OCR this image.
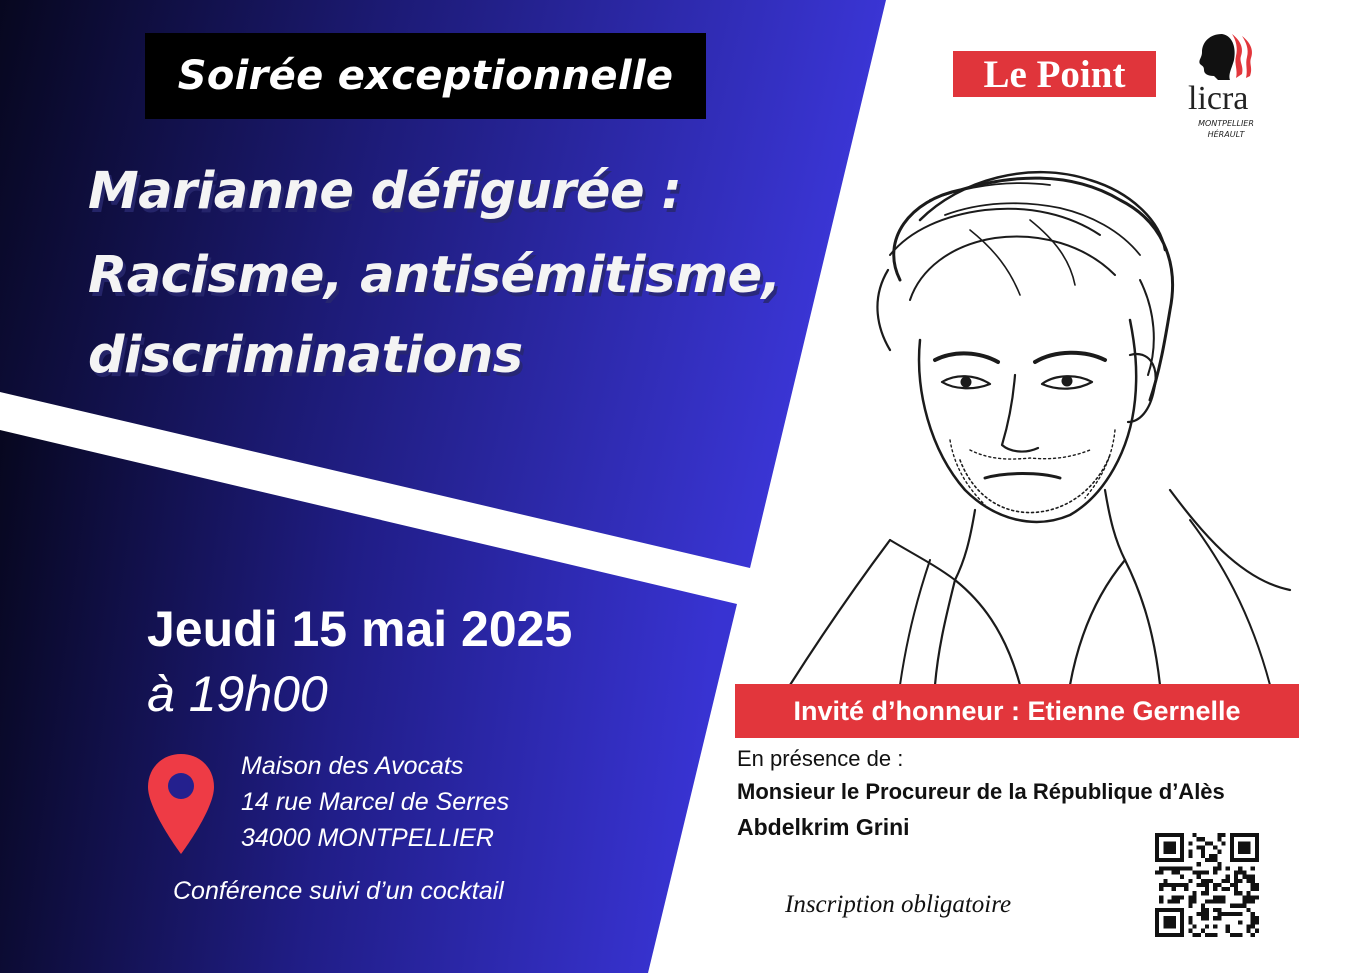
Soirée exceptionnelle
Marianne défigurée :
Racisme, antisémitisme,
discriminations
Jeudi 15 mai 2025
à 19h00
Maison des Avocats
14 rue Marcel de Serres
34000 MONTPELLIER
Conférence suivi d’un cocktail
Le Point
licra
MONTPELLIER HÉRAULT
Invité d’honneur : Etienne Gernelle
En présence de :
Monsieur le Procureur de la République d’Alès
Abdelkrim Grini
Inscription obligatoire
